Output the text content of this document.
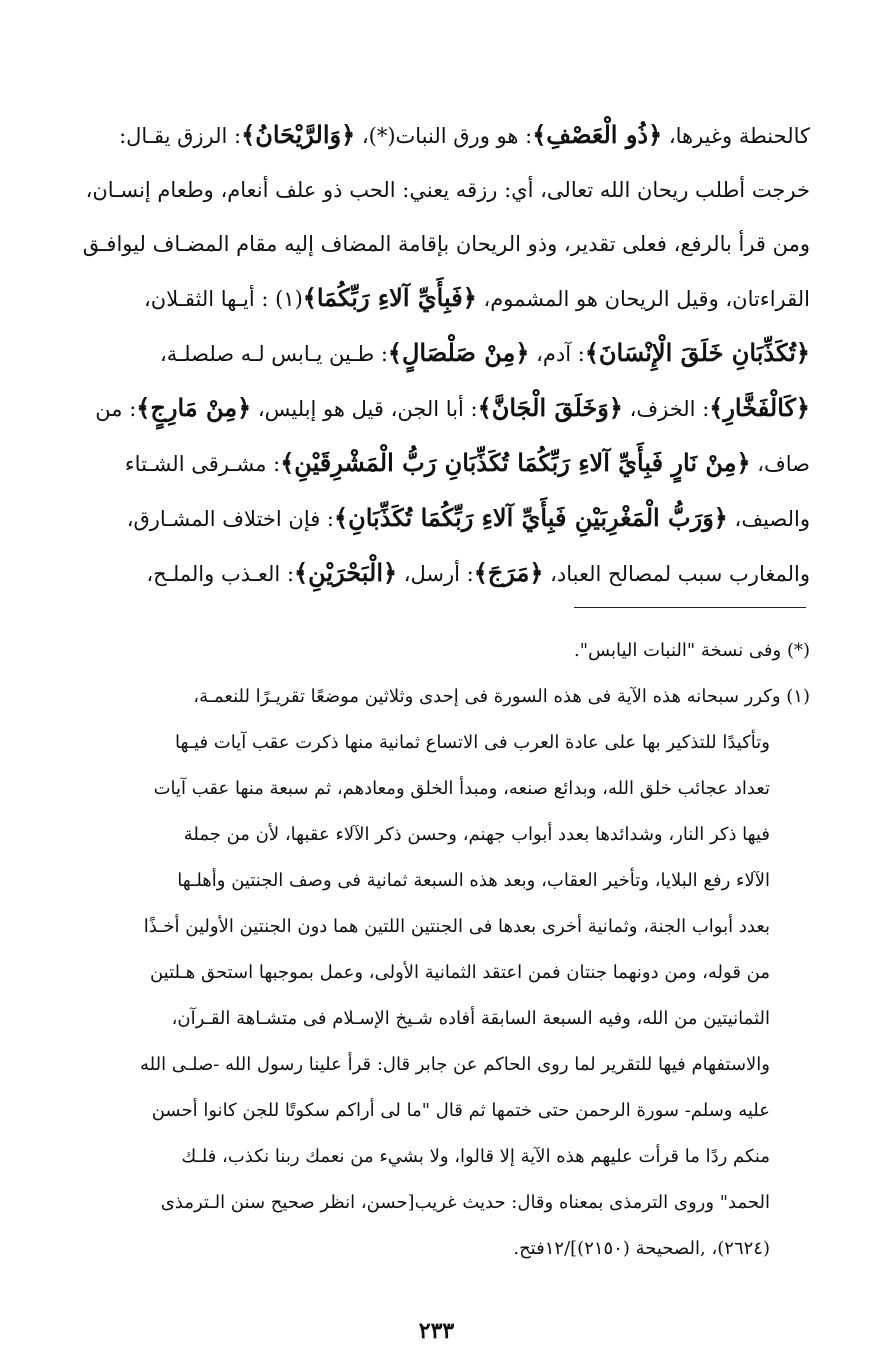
كالحنطة وغيرها، ﴿ذُو الْعَصْفِ﴾: هو ورق النبات(*)، ﴿وَالرَّيْحَانُ﴾: الرزق يقـال:
خرجت أطلب ريحان الله تعالى، أي: رزقه يعني: الحب ذو علف أنعام، وطعام إنسـان،
ومن قرأ بالرفع، فعلى تقدير، وذو الريحان بإقامة المضاف إليه مقام المضـاف ليوافـق
القراءتان، وقيل الريحان هو المشموم، ﴿فَبِأَيِّ آلاءِ رَبِّكُمَا﴾(١) : أيـها الثقـلان،
﴿تُكَذِّبَانِ خَلَقَ الْإِنْسَانَ﴾: آدم، ﴿مِنْ صَلْصَالٍ﴾: طـين يـابس لـه صلصلـة،
﴿كَالْفَخَّارِ﴾: الخزف، ﴿وَخَلَقَ الْجَانَّ﴾: أبا الجن، قيل هو إبليس، ﴿مِنْ مَارِجٍ﴾: من
صاف، ﴿مِنْ نَارٍ فَبِأَيِّ آلاءِ رَبِّكُمَا تُكَذِّبَانِ رَبُّ الْمَشْرِقَيْنِ﴾: مشـرقى الشـتاء
والصيف، ﴿وَرَبُّ الْمَغْرِبَيْنِ فَبِأَيِّ آلاءِ رَبِّكُمَا تُكَذِّبَانِ﴾: فإن اختلاف المشـارق،
والمغارب سبب لمصالح العباد، ﴿مَرَجَ﴾: أرسل، ﴿الْبَحْرَيْنِ﴾: العـذب والملـح،
(*) وفى نسخة "النبات اليابس".
(١) وكرر سبحانه هذه الآية فى هذه السورة فى إحدى وثلاثين موضعًا تقريـرًا للنعمـة،
وتأكيدًا للتذكير بها على عادة العرب فى الاتساع ثمانية منها ذكرت عقب آيات فيـها
تعداد عجائب خلق الله، وبدائع صنعه، ومبدأ الخلق ومعادهم، ثم سبعة منها عقب آيات
فيها ذكر النار، وشدائدها بعدد أبواب جهنم، وحسن ذكر الآلاء عقبها، لأن من جملة
الآلاء رفع البلايا، وتأخير العقاب، وبعد هذه السبعة ثمانية فى وصف الجنتين وأهلـها
بعدد أبواب الجنة، وثمانية أخرى بعدها فى الجنتين اللتين هما دون الجنتين الأولين أخـذًا
من قوله، ومن دونهما جنتان فمن اعتقد الثمانية الأولى، وعمل بموجبها استحق هـلتين
الثمانيتين من الله، وفيه السبعة السابقة أفاده شـيخ الإسـلام فى متشـاهة القـرآن،
والاستفهام فيها للتقرير لما روى الحاكم عن جابر قال: قرأ علينا رسول الله -صلـى الله
عليه وسلم- سورة الرحمن حتى ختمها ثم قال "ما لى أراكم سكوتًا للجن كانوا أحسن
منكم ردًا ما قرأت عليهم هذه الآية إلا قالوا، ولا بشيء من نعمك ربنا نكذب، فلـك
الحمد" وروى الترمذى بمعناه وقال: حديث غريب[حسن، انظر صحيح سنن الـترمذى
(٢٦٢٤)، ,الصحيحة (٢١٥٠)]/١٢فتح.
٢٣٣
